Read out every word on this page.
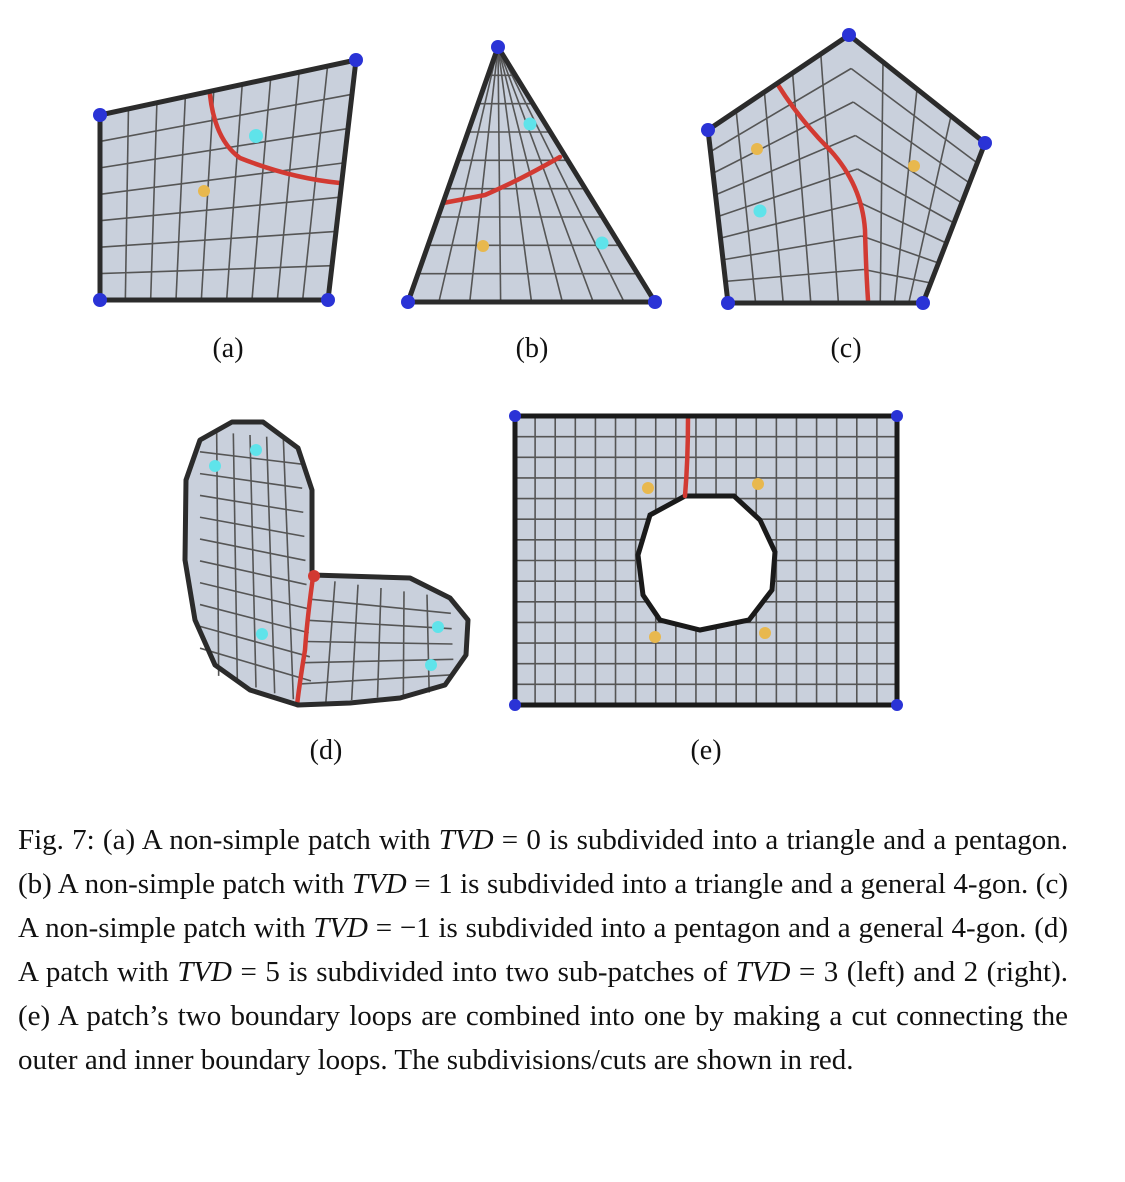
(a)	(b)	(c)
(d)	(e)
Fig. 7: (a) A non-simple patch with TVD = 0 is subdivided into a triangle and a pentagon. (b) A non-simple patch with TVD = 1 is subdivided into a triangle and a general 4-gon. (c) A non-simple patch with TVD = −1 is subdivided into a pentagon and a general 4-gon. (d) A patch with TVD = 5 is subdivided into two sub-patches of TVD = 3 (left) and 2 (right). (e) A patch’s two boundary loops are combined into one by making a cut connecting the outer and inner boundary loops. The subdivisions/cuts are shown in red.
